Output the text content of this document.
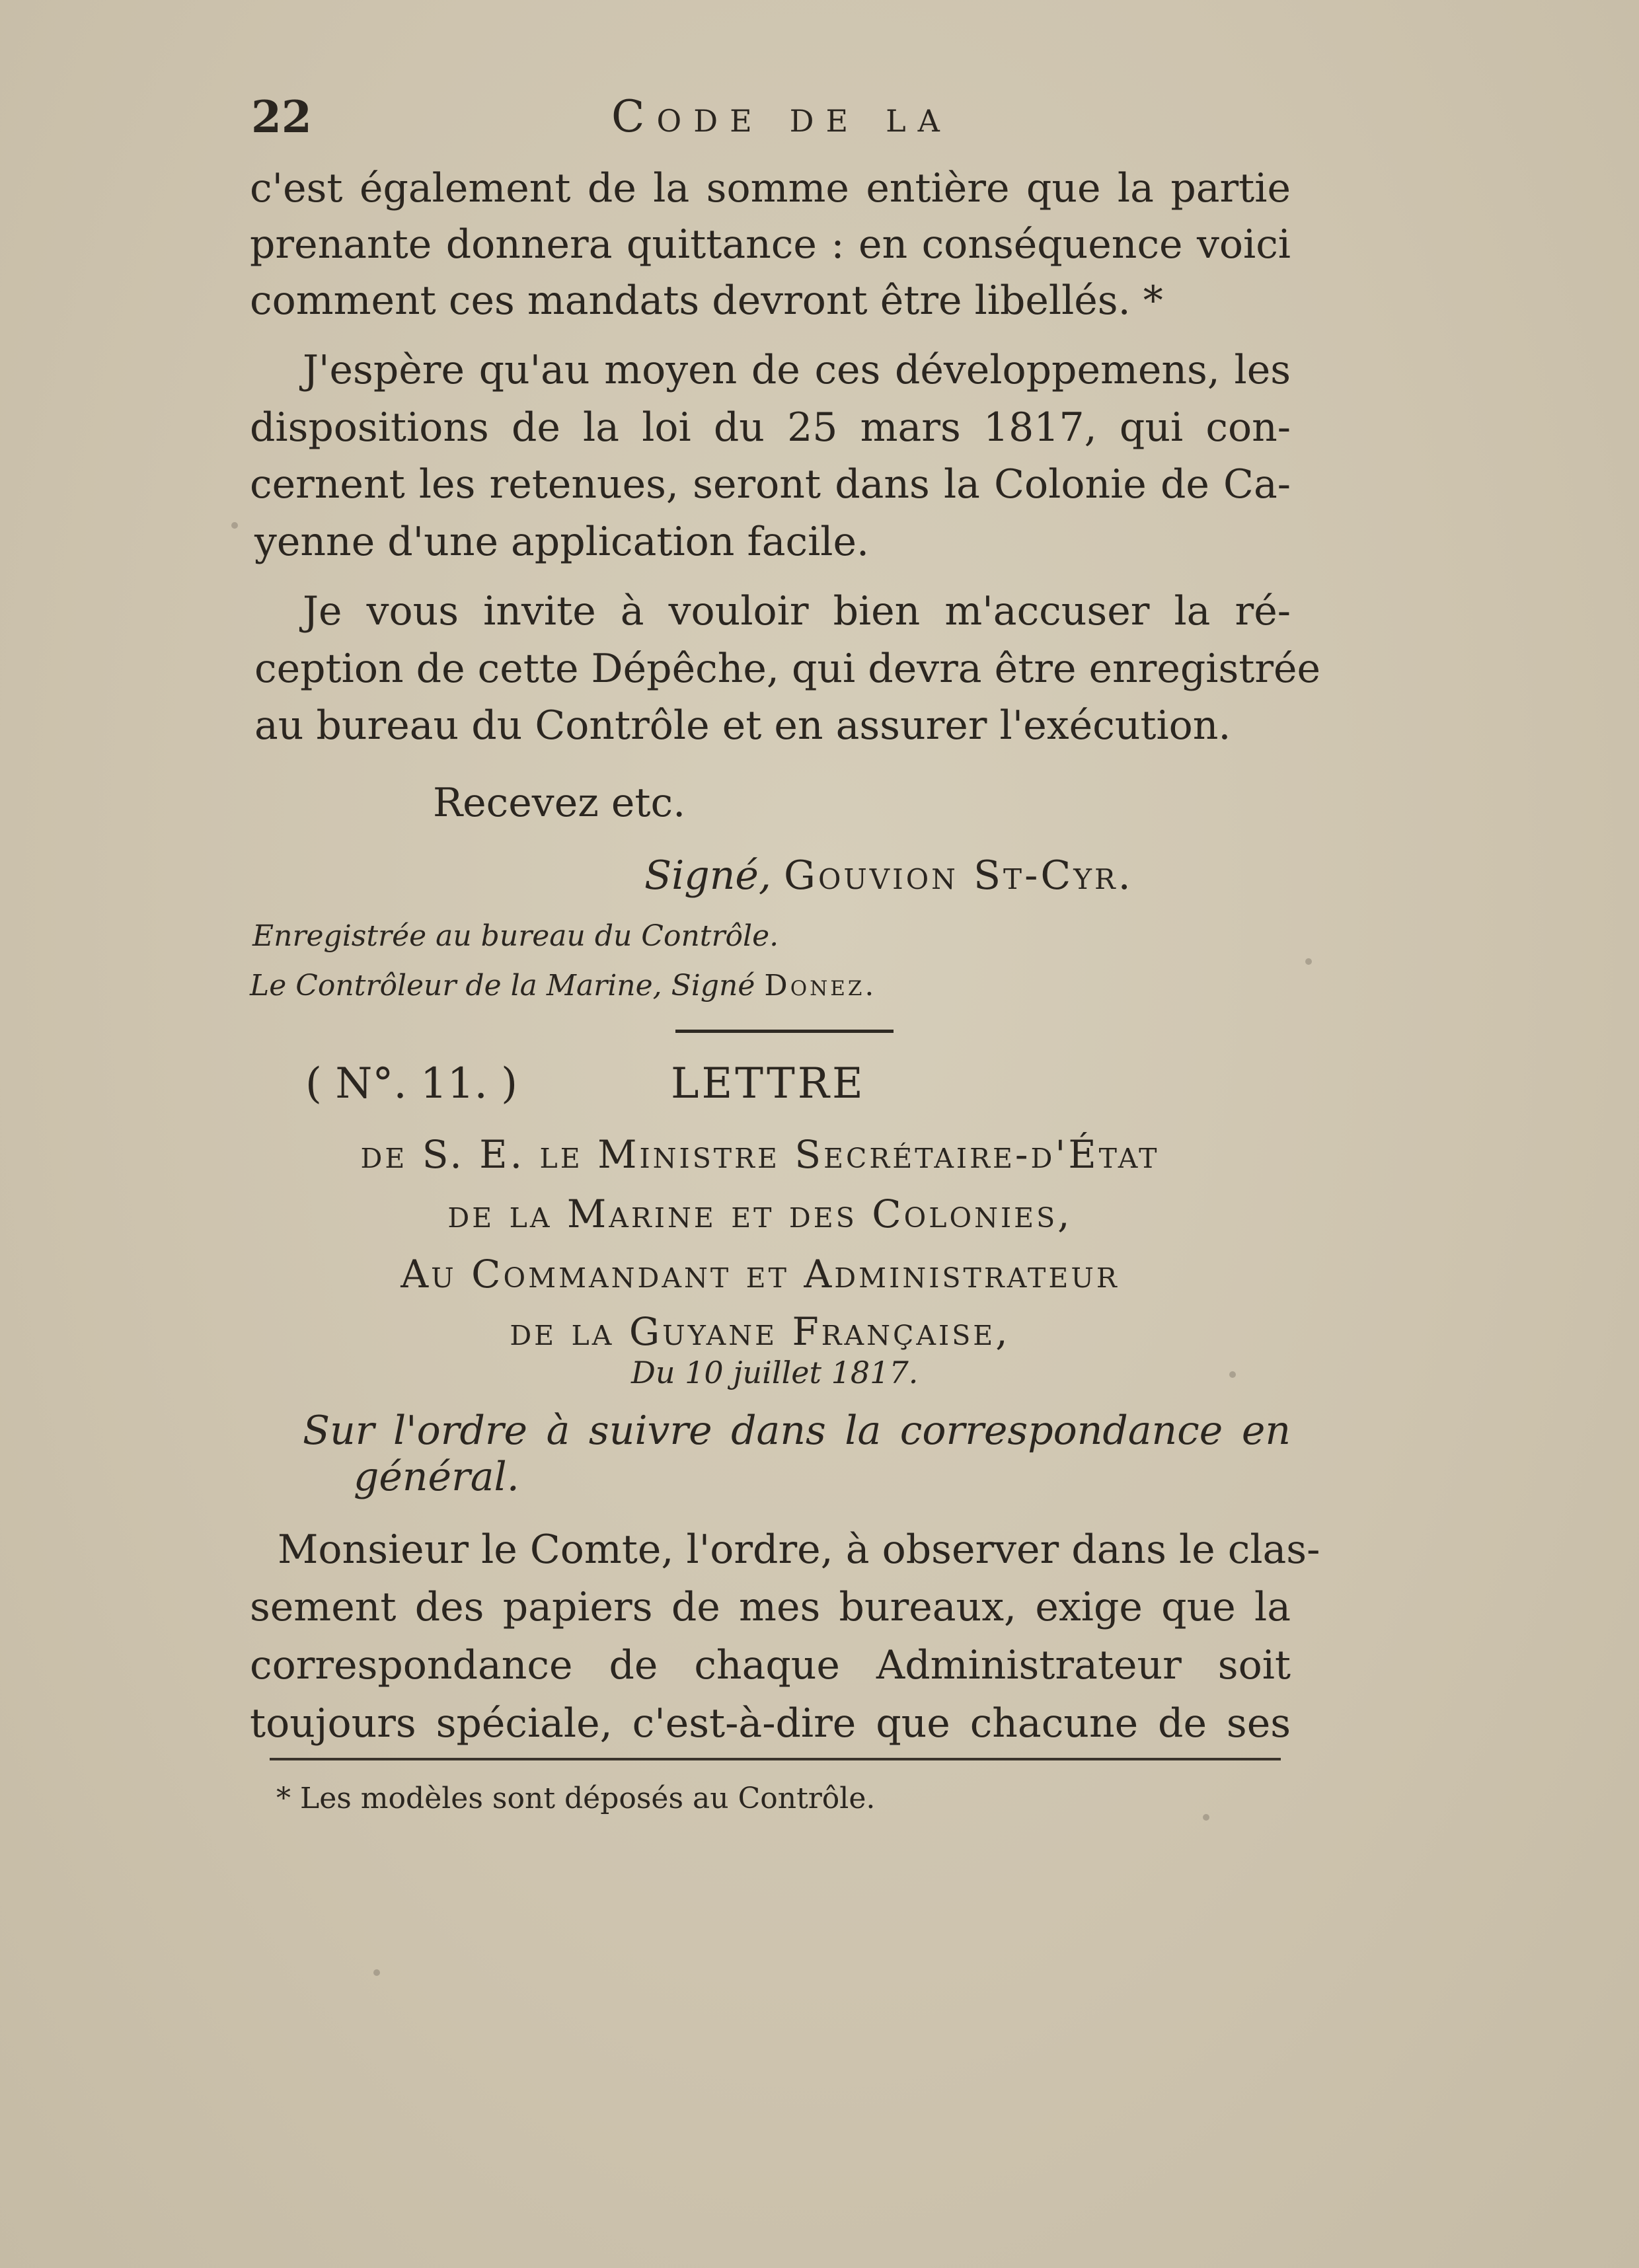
22	Code de la
c'est également de la somme entière que la partie
prenante donnera quittance : en conséquence voici
comment ces mandats devront être libellés. *
J'espère qu'au moyen de ces développemens, les
dispositions de la loi du 25 mars 1817, qui con-
cernent les retenues, seront dans la Colonie de Ca-
yenne d'une application facile.
Je vous invite à vouloir bien m'accuser la ré-
ception de cette Dépêche, qui devra être enregistrée
au bureau du Contrôle et en assurer l'exécution.
Recevez etc.
Signé, Gouvion St-Cyr.
Enregistrée au bureau du Contrôle.
Le Contrôleur de la Marine, Signé Donez.
( N°. 11. )	LETTRE
de S. E. le Ministre Secrétaire-d'État
de la Marine et des Colonies,
Au Commandant et Administrateur
de la Guyane Française,
Du 10 juillet 1817.
Sur l'ordre à suivre dans la correspondance en
général.
Monsieur le Comte, l'ordre, à observer dans le clas-
sement des papiers de mes bureaux, exige que la
correspondance de chaque Administrateur soit
toujours spéciale, c'est-à-dire que chacune de ses
* Les modèles sont déposés au Contrôle.
